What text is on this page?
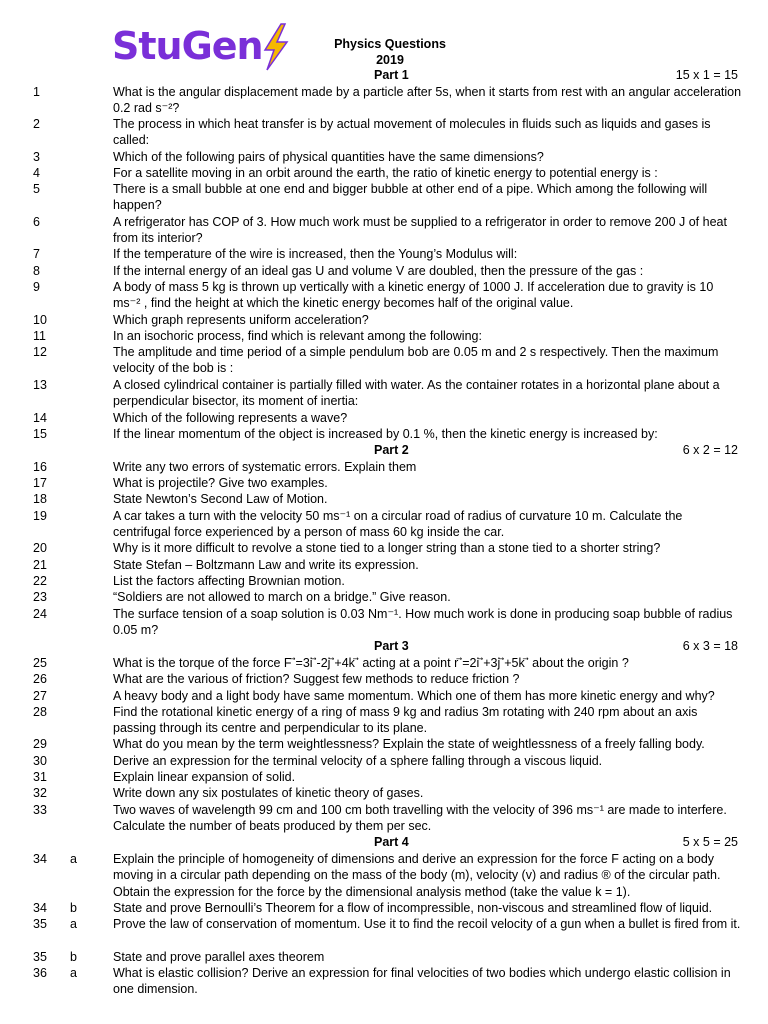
StuGen	Physics Questions
2019
Part 1	15 x 1 = 15
Part 2	6 x 2 = 12
Part 3	6 x 3 = 18
Part 4	5 x 5 = 25
1	What is the angular displacement made by a particle after 5s, when it starts from rest with an angular acceleration 0.2 rad s⁻²?
2	The process in which heat transfer is by actual movement of molecules in fluids such as liquids and gases is called:
3	Which of the following pairs of physical quantities have the same dimensions?
4	For a satellite moving in an orbit around the earth, the ratio of kinetic energy to potential energy is :
5	There is a small bubble at one end and bigger bubble at other end of a pipe. Which among the following will happen?
6	A refrigerator has COP of 3. How much work must be supplied to a refrigerator in order to remove 200 J of heat from its interior?
7	If the temperature of the wire is increased, then the Young’s Modulus will:
8	If the internal energy of an ideal gas U and volume V are doubled, then the pressure of the gas :
9	A body of mass 5 kg is thrown up vertically with a kinetic energy of 1000 J. If acceleration due to gravity is 10 ms⁻² , find the height at which the kinetic energy becomes half of the original value.
10	Which graph represents uniform acceleration?
11	In an isochoric process, find which is relevant among the following:
12	The amplitude and time period of a simple pendulum bob are 0.05 m and 2 s respectively. Then the maximum velocity of the bob is :
13	A closed cylindrical container is partially filled with water. As the container rotates in a horizontal plane about a perpendicular bisector, its moment of inertia:
14	Which of the following represents a wave?
15	If the linear momentum of the object is increased by 0.1 %, then the kinetic energy is increased by:
16	Write any two errors of systematic errors. Explain them
17	What is projectile? Give two examples.
18	State Newton’s Second Law of Motion.
19	A car takes a turn with the velocity 50 ms⁻¹ on a circular road of radius of curvature 10 m. Calculate the centrifugal force experienced by a person of mass 60 kg inside the car.
20	Why is it more difficult to revolve a stone tied to a longer string than a stone tied to a shorter string?
21	State Stefan – Boltzmann Law and write its expression.
22	List the factors affecting Brownian motion.
23	“Soldiers are not allowed to march on a bridge.” Give reason.
24	The surface tension of a soap solution is 0.03 Nm⁻¹. How much work is done in producing soap bubble of radius 0.05 m?
25	What is the torque of the force F ⃗=3i ⃗-2j ⃗+4k ⃗ acting at a point r ⃗=2i ⃗+3j ⃗+5k ⃗ about the origin ?
26	What are the various of friction? Suggest few methods to reduce friction ?
27	A heavy body and a light body have same momentum. Which one of them has more kinetic energy and why?
28	Find the rotational kinetic energy of a ring of mass 9 kg and radius 3m rotating with 240 rpm about an axis passing through its centre and perpendicular to its plane.
29	What do you mean by the term weightlessness? Explain the state of weightlessness of a freely falling body.
30	Derive an expression for the terminal velocity of a sphere falling through a viscous liquid.
31	Explain linear expansion of solid.
32	Write down any six postulates of kinetic theory of gases.
33	Two waves of wavelength 99 cm and 100 cm both travelling with the velocity of 396 ms⁻¹ are made to interfere. Calculate the number of beats produced by them per sec.
34	a	Explain the principle of homogeneity of dimensions and derive an expression for the force F acting on a body moving in a circular path depending on the mass of the body (m), velocity (v) and radius ® of the circular path. Obtain the expression for the force by the dimensional analysis method (take the value k = 1).
34	b	State and prove Bernoulli’s Theorem for a flow of incompressible, non-viscous and streamlined flow of liquid.
35	a	Prove the law of conservation of momentum. Use it to find the recoil velocity of a gun when a bullet is fired from it.
35	b	State and prove parallel axes theorem
36	a	What is elastic collision? Derive an expression for final velocities of two bodies which undergo elastic collision in one dimension.
